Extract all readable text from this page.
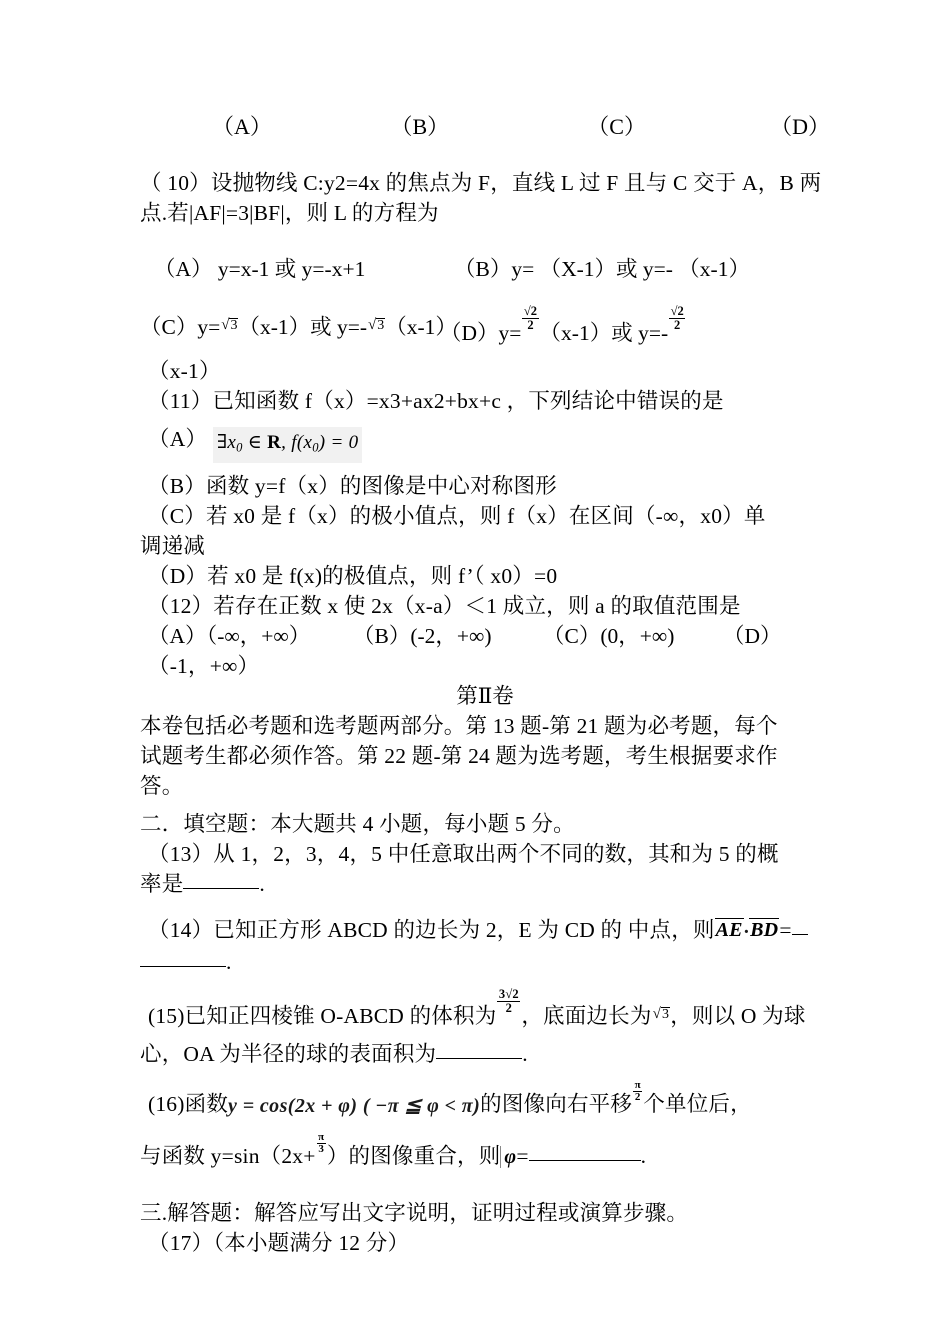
（A）	（B）	（C）	（D）
（ 10）设抛物线 C:y2=4x 的焦点为 F，直线 L 过 F 且与 C 交于 A，B 两
点.若|AF|=3|BF|，则 L 的方程为
（A） y=x-1 或 y=-x+1	（B）y= （X-1）或 y=- （x-1）
（C）y=√3（x-1）或 y=-√3（x-1）
（D）y=
$\frac{√2}{2}$
（x-1）或 y=-
$\frac{√2}{2}$
（x-1）
（11）已知函数 f（x）=x3+ax2+bx+c ，下列结论中错误的是
（A） $\exists x_0$ ∈ R, $f(x_0) = 0$
（B）函数 y=f（x）的图像是中心对称图形
（C）若 x0 是 f（x）的极小值点，则 f（x）在区间（-∞，x0）单
调递减
（D）若 x0 是 f(x)的极值点，则 f’（ x0）=0
（12）若存在正数 x 使 2x（x-a）＜1 成立，则 a 的取值范围是
（A）（-∞，+∞）	（B）(-2，+∞)	（C）(0，+∞)	（D）
（-1，+∞）
第Ⅱ卷
本卷包括必考题和选考题两部分。第 13 题-第 21 题为必考题，每个
试题考生都必须作答。第 22 题-第 24 题为选考题，考生根据要求作
答。
二．填空题：本大题共 4 小题，每小题 5 分。
（13）从 1，2，3，4，5 中任意取出两个不同的数，其和为 5 的概
率是	.
（14）已知正方形 ABCD 的边长为 2，E 为 CD 的 中点，则AE·BD=
.
(15)已知正四棱锥 O-ABCD 的体积为
$\frac{3√2}{2}$
，底面边长为√3，则以 O 为球
心，OA 为半径的球的表面积为	.
(16)函数y = cos(2x + φ) ( −π ≦ φ < π)的图像向右平移
$\frac{\pi}{2}$
个单位后，
与函数 y=sin（2x+
$\frac{\pi}{3}$
）的图像重合，则 φ=	.
三.解答题：解答应写出文字说明，证明过程或演算步骤。
（17）（本小题满分 12 分）
